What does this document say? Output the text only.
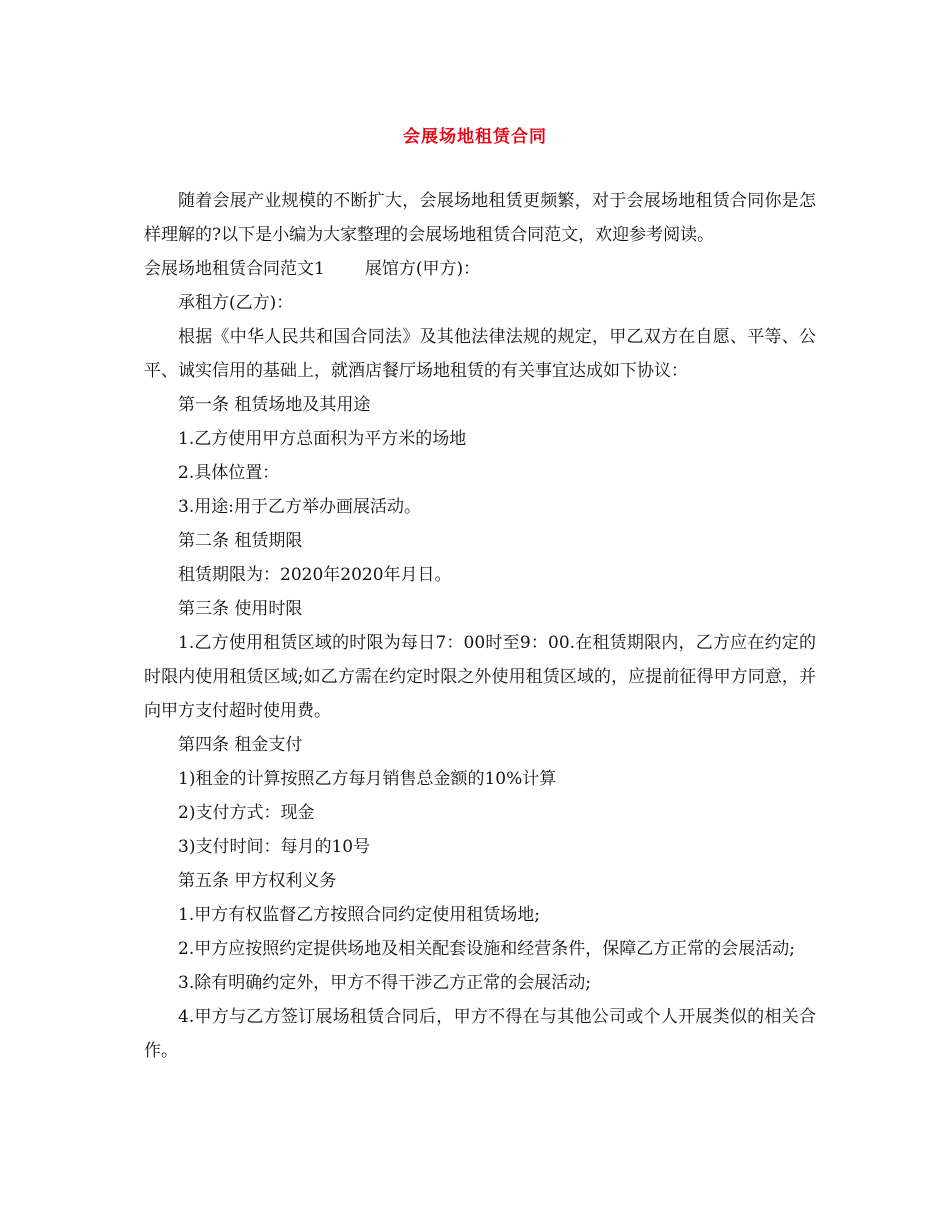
会展场地租赁合同

随着会展产业规模的不断扩大，会展场地租赁更频繁，对于会展场地租赁合同你是怎样理解的?以下是小编为大家整理的会展场地租赁合同范文，欢迎参考阅读。

会展场地租赁合同范文1 展馆方(甲方)：

承租方(乙方)：

根据《中华人民共和国合同法》及其他法律法规的规定，甲乙双方在自愿、平等、公平、诚实信用的基础上，就酒店餐厅场地租赁的有关事宜达成如下协议：

第一条 租赁场地及其用途

1.乙方使用甲方总面积为平方米的场地

2.具体位置：

3.用途:用于乙方举办画展活动。

第二条 租赁期限

租赁期限为：2020年2020年月日。

第三条 使用时限

1.乙方使用租赁区域的时限为每日7：00时至9：00.在租赁期限内，乙方应在约定的时限内使用租赁区域;如乙方需在约定时限之外使用租赁区域的，应提前征得甲方同意，并向甲方支付超时使用费。

第四条 租金支付

1)租金的计算按照乙方每月销售总金额的10%计算

2)支付方式：现金

3)支付时间：每月的10号

第五条 甲方权利义务

1.甲方有权监督乙方按照合同约定使用租赁场地;

2.甲方应按照约定提供场地及相关配套设施和经营条件，保障乙方正常的会展活动;

3.除有明确约定外，甲方不得干涉乙方正常的会展活动;

4.甲方与乙方签订展场租赁合同后，甲方不得在与其他公司或个人开展类似的相关合作。
